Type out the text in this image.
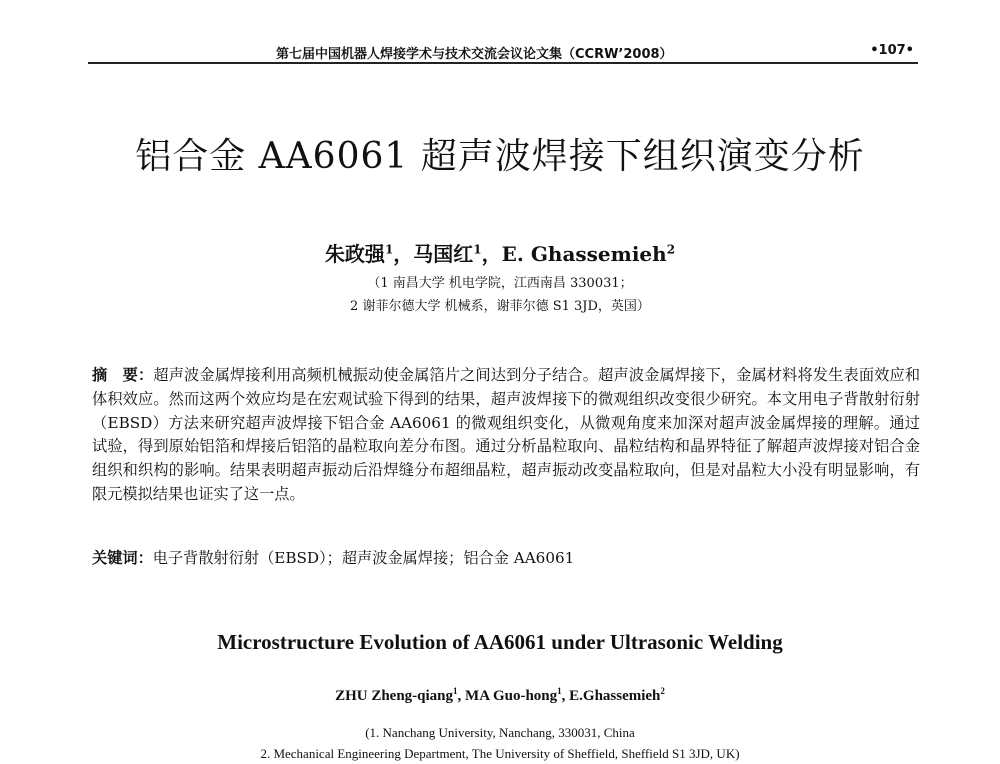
第七届中国机器人焊接学术与技术交流会议论文集（CCRW’2008）	•107•
铝合金 AA6061 超声波焊接下组织演变分析
朱政强$^1$，马国红$^1$，E. Ghassemieh$^2$
（1 南昌大学 机电学院，江西南昌 330031；
2 谢菲尔德大学 机械系，谢菲尔德 S1 3JD，英国）

摘　要：超声波金属焊接利用高频机械振动使金属箔片之间达到分子结合。超声波金属焊接下，金属材料将发生表面效应和体积效应。然而这两个效应均是在宏观试验下得到的结果，超声波焊接下的微观组织改变很少研究。本文用电子背散射衍射（EBSD）方法来研究超声波焊接下铝合金 AA6061 的微观组织变化，从微观角度来加深对超声波金属焊接的理解。通过试验，得到原始铝箔和焊接后铝箔的晶粒取向差分布图。通过分析晶粒取向、晶粒结构和晶界特征了解超声波焊接对铝合金组织和织构的影响。结果表明超声振动后沿焊缝分布超细晶粒，超声振动改变晶粒取向，但是对晶粒大小没有明显影响，有限元模拟结果也证实了这一点。

关键词：电子背散射衍射（EBSD）；超声波金属焊接；铝合金 AA6061

Microstructure Evolution of AA6061 under Ultrasonic Welding
ZHU Zheng-qiang$^1$, MA Guo-hong$^1$, E.Ghassemieh$^2$
(1. Nanchang University, Nanchang, 330031, China
2. Mechanical Engineering Department, The University of Sheffield, Sheffield S1 3JD, UK)
